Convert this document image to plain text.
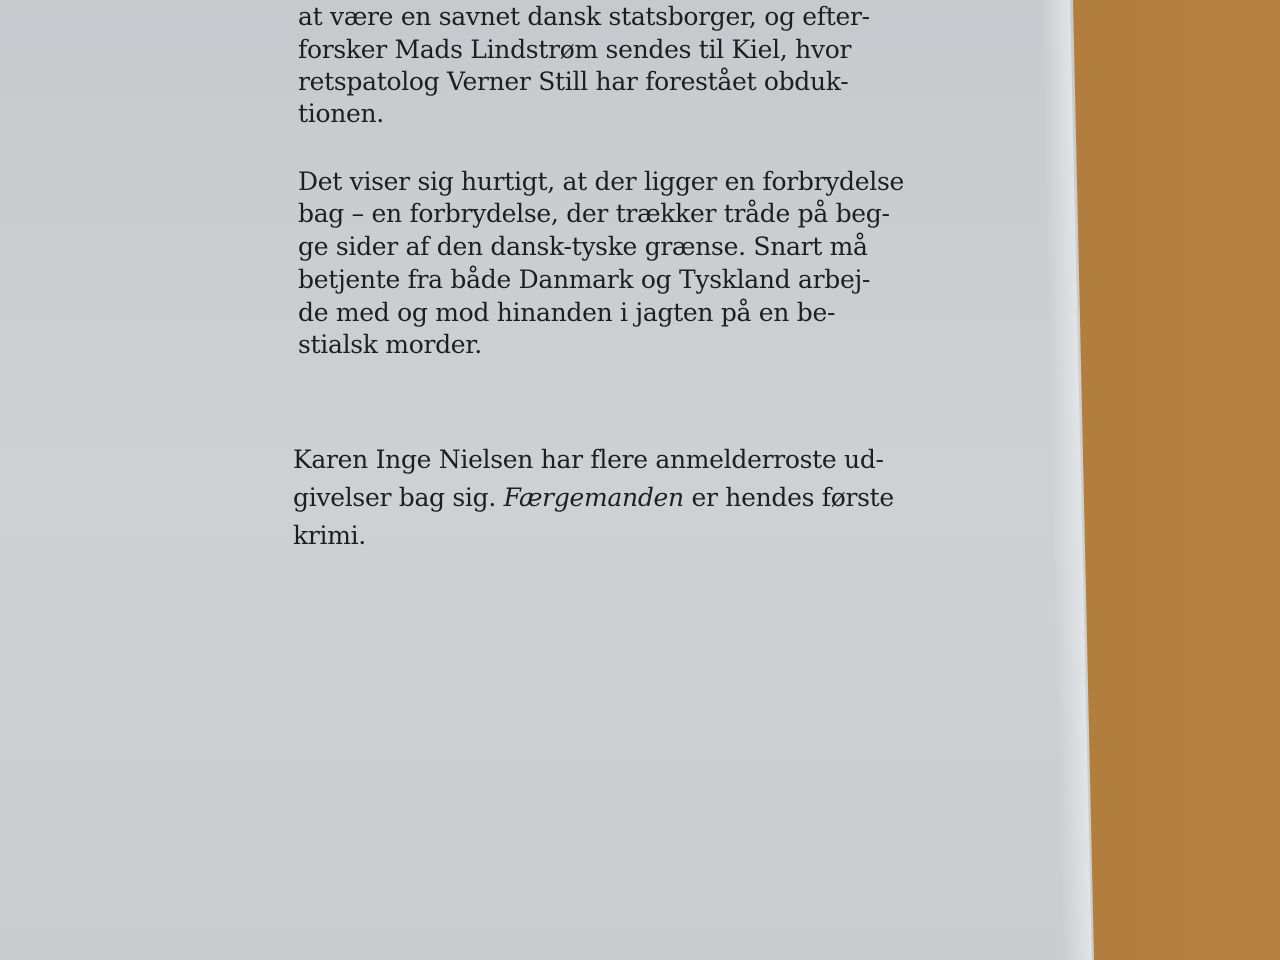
at være en savnet dansk statsborger, og efter-
forsker Mads Lindstrøm sendes til Kiel, hvor
retspatolog Verner Still har forestået obduk-
tionen.
Det viser sig hurtigt, at der ligger en forbrydelse
bag – en forbrydelse, der trækker tråde på beg-
ge sider af den dansk-tyske grænse. Snart må
betjente fra både Danmark og Tyskland arbej-
de med og mod hinanden i jagten på en be-
stialsk morder.
Karen Inge Nielsen har flere anmelderroste ud-
givelser bag sig. Færgemanden er hendes første
krimi.
